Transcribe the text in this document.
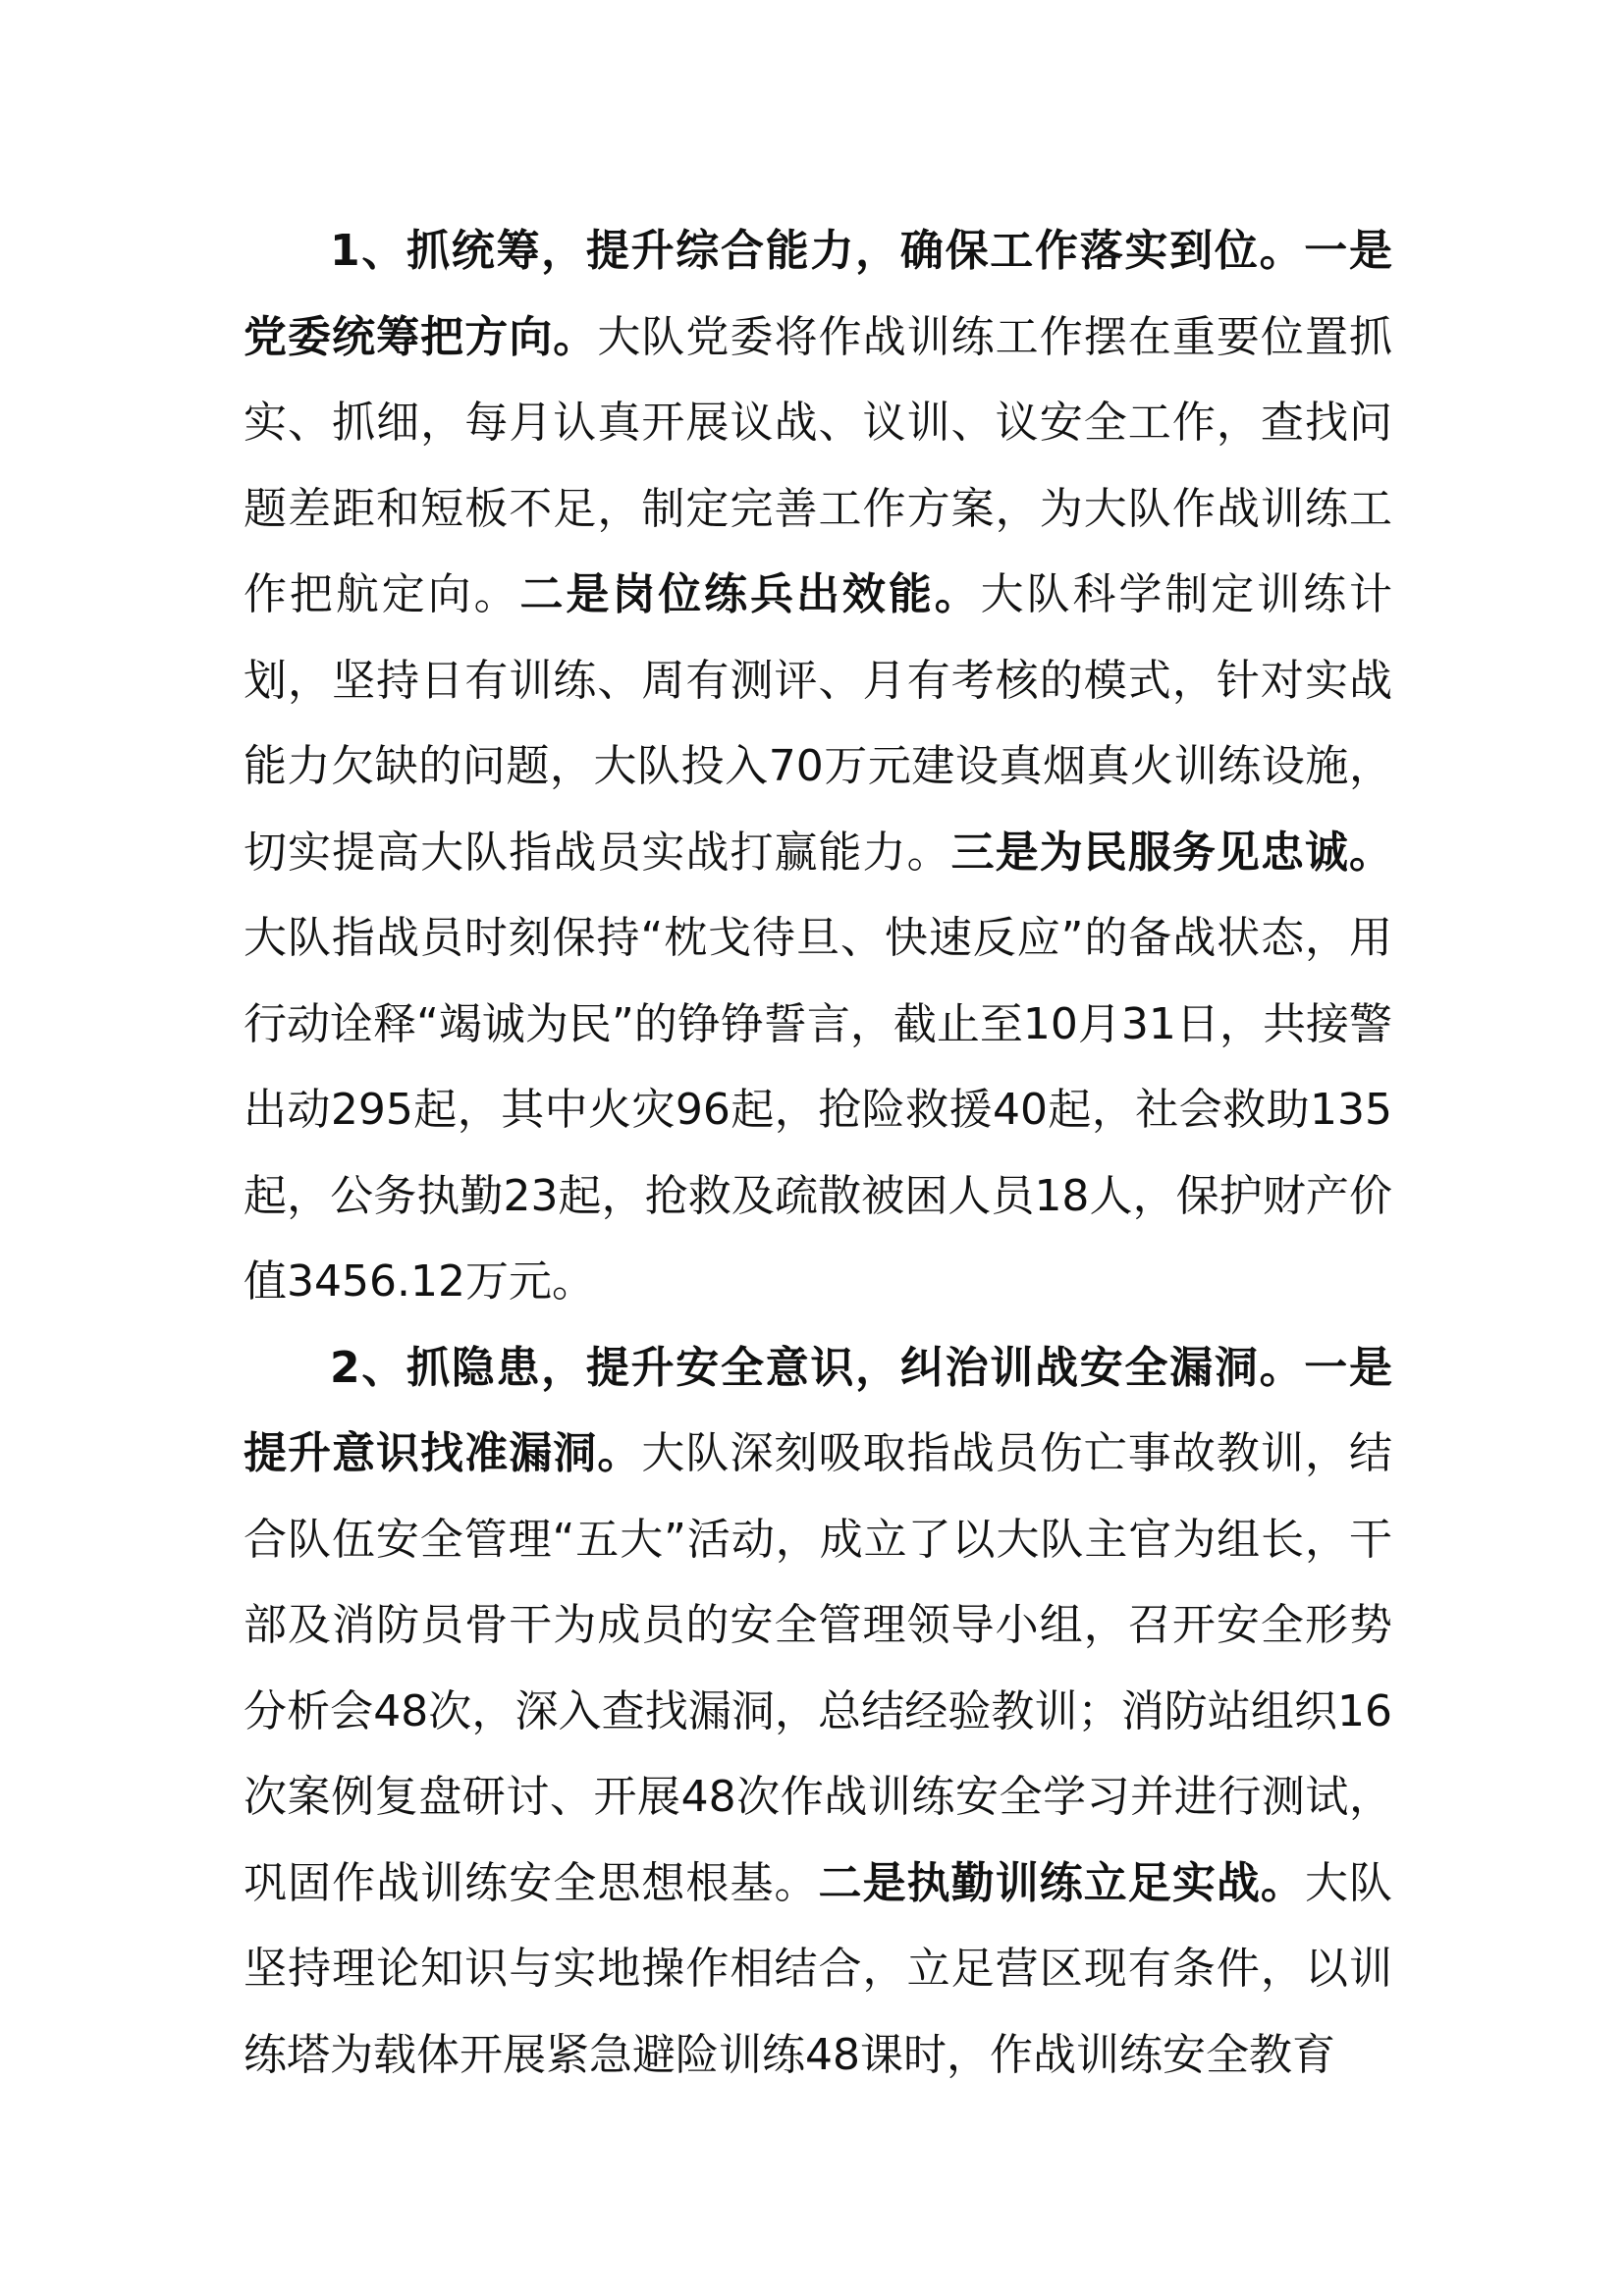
1、抓统筹，提升综合能力，确保工作落实到位。一是党委统筹把方向。大队党委将作战训练工作摆在重要位置抓实、抓细，每月认真开展议战、议训、议安全工作，查找问题差距和短板不足，制定完善工作方案，为大队作战训练工作把航定向。二是岗位练兵出效能。大队科学制定训练计划，坚持日有训练、周有测评、月有考核的模式，针对实战能力欠缺的问题，大队投入70万元建设真烟真火训练设施，切实提高大队指战员实战打赢能力。三是为民服务见忠诚。大队指战员时刻保持“枕戈待旦、快速反应”的备战状态，用行动诠释“竭诚为民”的铮铮誓言，截止至10月31日，共接警出动295起，其中火灾96起，抢险救援40起，社会救助135起，公务执勤23起，抢救及疏散被困人员18人，保护财产价值3456.12万元。

2、抓隐患，提升安全意识，纠治训战安全漏洞。一是提升意识找准漏洞。大队深刻吸取指战员伤亡事故教训，结合队伍安全管理“五大”活动，成立了以大队主官为组长，干部及消防员骨干为成员的安全管理领导小组，召开安全形势分析会48次，深入查找漏洞，总结经验教训；消防站组织16次案例复盘研讨、开展48次作战训练安全学习并进行测试，巩固作战训练安全思想根基。二是执勤训练立足实战。大队坚持理论知识与实地操作相结合，立足营区现有条件，以训练塔为载体开展紧急避险训练48课时，作战训练安全教育
